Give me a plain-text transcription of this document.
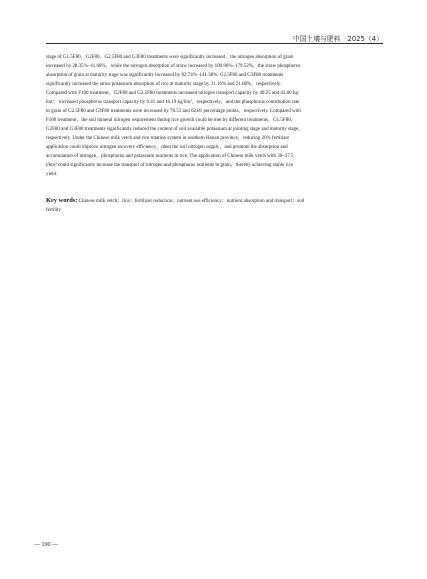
中国土壤与肥料 2025（4）
stage of G1.5F80，G2F80，G2.5F80 and G3F80 treatments were significantly increased，the nitrogen absorption of grain
increased by 28.35%–41.68%，while the nitrogen absorption of straw increased by 100.96%–179.52%，the straw phosphorus
absorption of grain at maturity stage was significantly increased by 82.74%–141.38%. G2.5F80 and G3F80 treatments
significantly increased the straw potassium absorption of rice at maturity stage by 31.16% and 21.68%，respectively.
Compared with F100 treatment，G2F80 and G2.5F80 treatments increased nitrogen transport capacity by 40.25 and 43.00 kg/
hm²，increased phosphorus transport capacity by 9.41 and 16.19 kg/hm²，respectively，and the phosphorus contribution rate
to grain of G2.5F80 and G3F80 treatments were increased by 78.53 and 62.81 percentage points，respectively. Compared with
F100 treatment，the soil mineral nitrogen requirement during rice growth could be met by different treatments，G1.5F80，
G2F80 and G3F80 treatments significantly reduced the content of soil available potassium at jointing stage and maturity stage，
respectively. Under the Chinese milk vetch and rice rotation system in southern Henan province，reducing 20% fertilizer
application could improve nitrogen recovery efficiency，meet the soil nitrogen supply，and promote the absorption and
accumulation of nitrogen，phosphorus and potassium nutrients in rice. The application of Chinese milk vetch with 30–37.5
t/hm² could significantly increase the transport of nitrogen and phosphorus nutrients in grain，thereby achieving stable rice
yield.
Key words: Chinese milk vetch；rice；fertilizer reduction；nutrient use efficiency；nutrient absorption and transport；soil
fertility
— 190 —
